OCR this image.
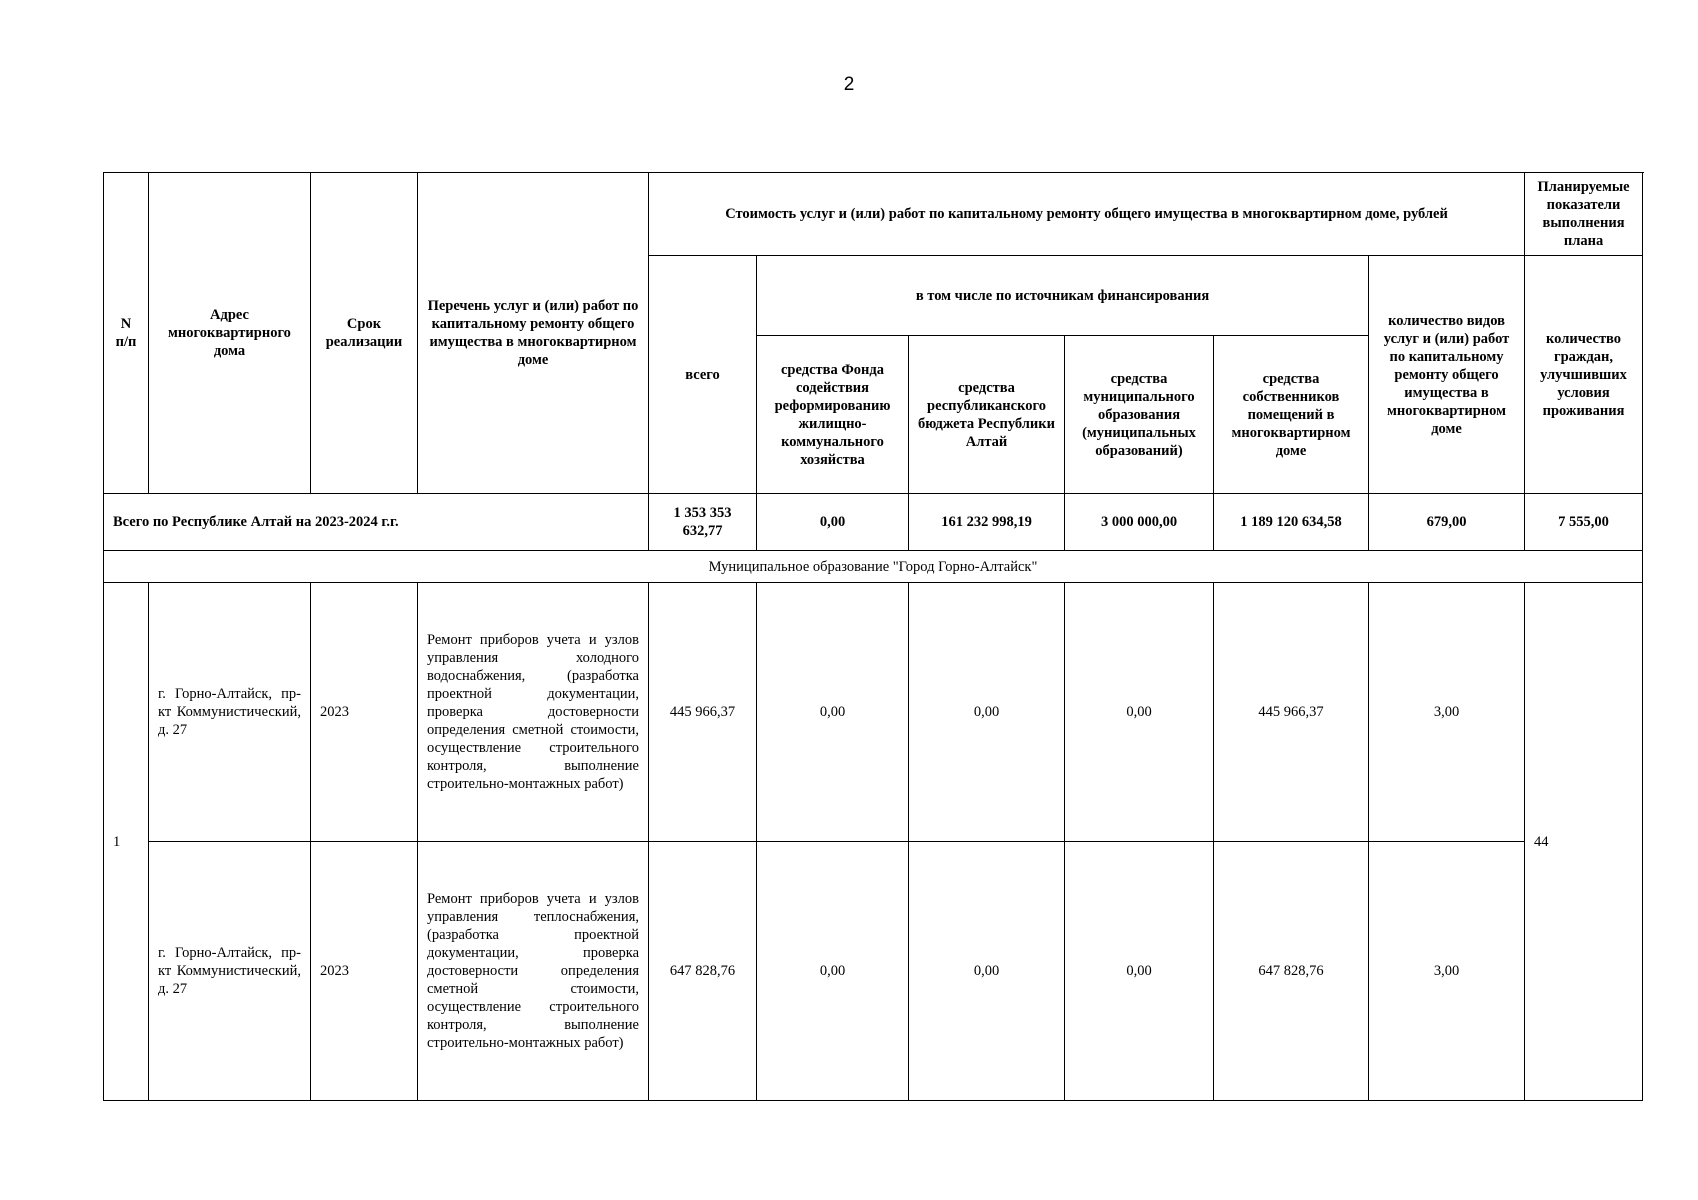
2
N п/п	Адрес многоквартирного дома	Срок реализации	Перечень услуг и (или) работ по капитальному ремонту общего имущества в многоквартирном доме	Стоимость услуг и (или) работ по капитальному ремонту общего имущества в многоквартирном доме, рублей						Планируемые показатели выполнения плана
				всего	в том числе по источникам финансирования				количество видов услуг и (или) работ по капитальному ремонту общего имущества в многоквартирном доме	количество граждан, улучшивших условия проживания
					средства Фонда содействия реформированию жилищно-коммунального хозяйства	средства республиканского бюджета Республики Алтай	средства муниципального образования (муниципальных образований)	средства собственников помещений в многоквартирном доме		
Всего по Республике Алтай на 2023-2024 г.г.				1 353 353 632,77	0,00	161 232 998,19	3 000 000,00	1 189 120 634,58	679,00	7 555,00
Муниципальное образование "Город Горно-Алтайск"										
1	г. Горно-Алтайск, пр-кт Коммунистический, д. 27	2023	Ремонт приборов учета и узлов управления холодного водоснабжения, (разработка проектной документации, проверка достоверности определения сметной стоимости, осуществление строительного контроля, выполнение строительно-монтажных работ)	445 966,37	0,00	0,00	0,00	445 966,37	3,00	44
	г. Горно-Алтайск, пр-кт Коммунистический, д. 27	2023	Ремонт приборов учета и узлов управления теплоснабжения, (разработка проектной документации, проверка достоверности определения сметной стоимости, осуществление строительного контроля, выполнение строительно-монтажных работ)	647 828,76	0,00	0,00	0,00	647 828,76	3,00	
